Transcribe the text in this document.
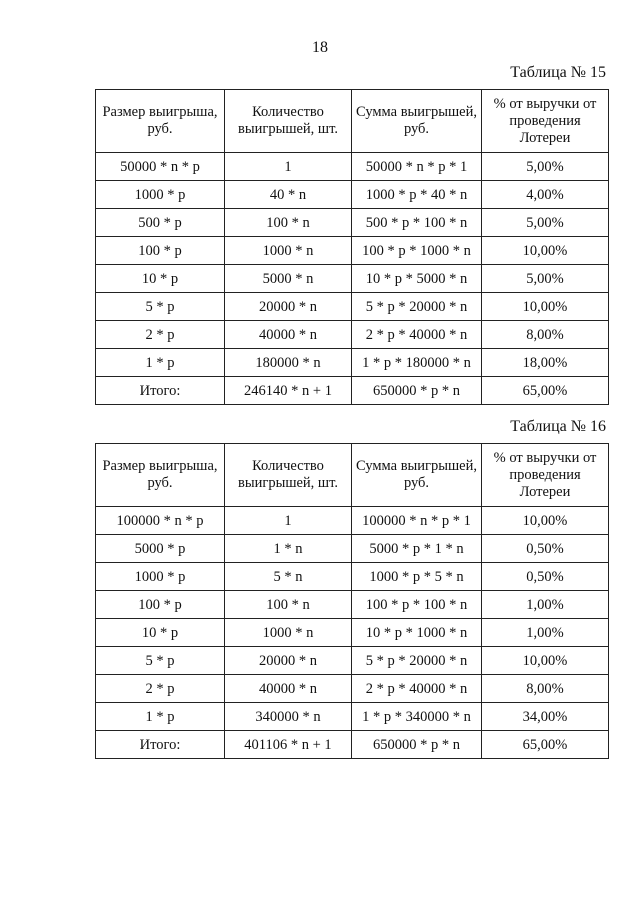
18
Таблица № 15
Размер выигрыша, руб.	Количество выигрышей, шт.	Сумма выигрышей, руб.	% от выручки от проведения Лотереи
50000 * n * p	1	50000 * n * p * 1	5,00%
1000 * p	40 * n	1000 * p * 40 * n	4,00%
500 * p	100 * n	500 * p * 100 * n	5,00%
100 * p	1000 * n	100 * p * 1000 * n	10,00%
10 * p	5000 * n	10 * p * 5000 * n	5,00%
5 * p	20000 * n	5 * p * 20000 * n	10,00%
2 * p	40000 * n	2 * p * 40000 * n	8,00%
1 * p	180000 * n	1 * p * 180000 * n	18,00%
Итого:	246140 * n + 1	650000 * p * n	65,00%
Таблица № 16
Размер выигрыша, руб.	Количество выигрышей, шт.	Сумма выигрышей, руб.	% от выручки от проведения Лотереи
100000 * n * p	1	100000 * n * p * 1	10,00%
5000 * p	1 * n	5000 * p * 1 * n	0,50%
1000 * p	5 * n	1000 * p * 5 * n	0,50%
100 * p	100 * n	100 * p * 100 * n	1,00%
10 * p	1000 * n	10 * p * 1000 * n	1,00%
5 * p	20000 * n	5 * p * 20000 * n	10,00%
2 * p	40000 * n	2 * p * 40000 * n	8,00%
1 * p	340000 * n	1 * p * 340000 * n	34,00%
Итого:	401106 * n + 1	650000 * p * n	65,00%
